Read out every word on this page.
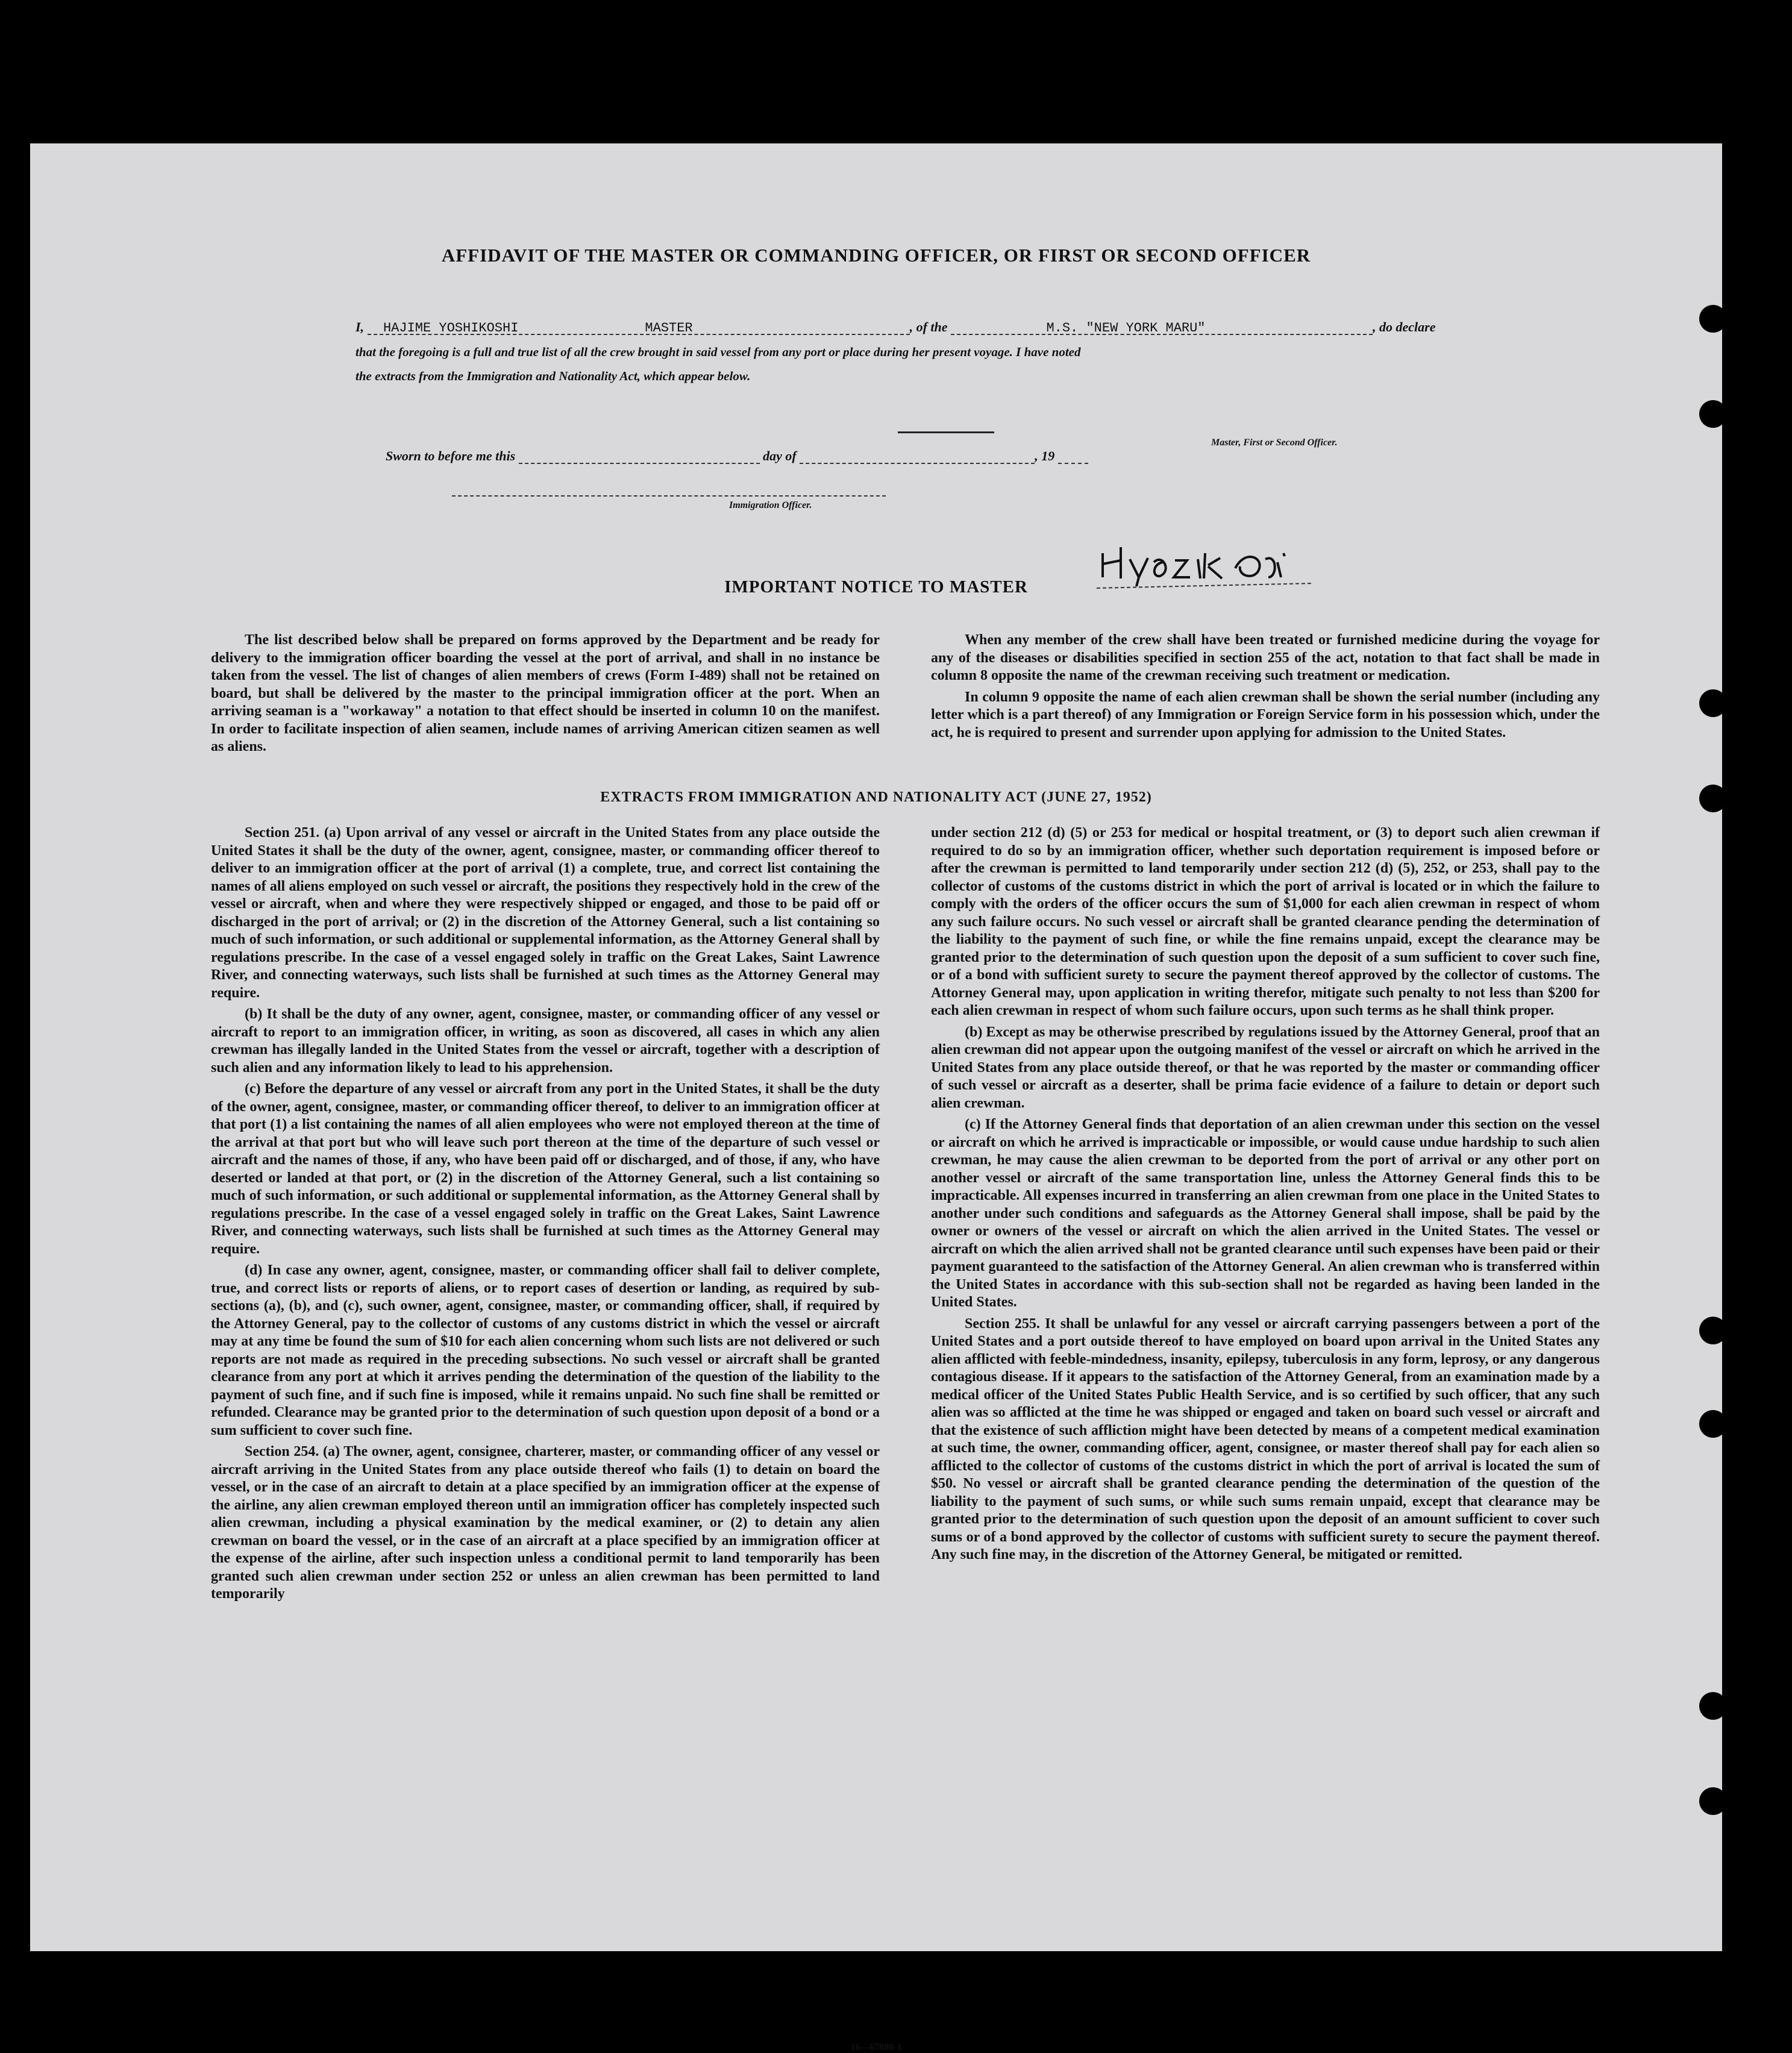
AFFIDAVIT OF THE MASTER OR COMMANDING OFFICER, OR FIRST OR SECOND OFFICER
I, HAJIME YOSHIKOSHI	MASTER	, of the	M.S. "NEW YORK MARU"	, do declare
that the foregoing is a full and true list of all the crew brought in said vessel from any port or place during her present voyage. I have noted
the extracts from the Immigration and Nationality Act, which appear below.
Master, First or Second Officer.
Sworn to before me this	day of	, 19
Immigration Officer.
IMPORTANT NOTICE TO MASTER

The list described below shall be prepared on forms approved by the Department and be ready for delivery to the immigration officer boarding the vessel at the port of arrival, and shall in no instance be taken from the vessel. The list of changes of alien members of crews (Form I-489) shall not be retained on board, but shall be delivered by the master to the principal immigration officer at the port. When an arriving seaman is a "workaway" a notation to that effect should be inserted in column 10 on the manifest. In order to facilitate inspection of alien seamen, include names of arriving American citizen seamen as well as aliens.

When any member of the crew shall have been treated or furnished medicine during the voyage for any of the diseases or disabilities specified in section 255 of the act, notation to that fact shall be made in column 8 opposite the name of the crewman receiving such treatment or medication.

In column 9 opposite the name of each alien crewman shall be shown the serial number (including any letter which is a part thereof) of any Immigration or Foreign Service form in his possession which, under the act, he is required to present and surrender upon applying for admission to the United States.

EXTRACTS FROM IMMIGRATION AND NATIONALITY ACT (JUNE 27, 1952)

Section 251. (a) Upon arrival of any vessel or aircraft in the United States from any place outside the United States it shall be the duty of the owner, agent, consignee, master, or commanding officer thereof to deliver to an immigration officer at the port of arrival (1) a complete, true, and correct list containing the names of all aliens employed on such vessel or aircraft, the positions they respectively hold in the crew of the vessel or aircraft, when and where they were respectively shipped or engaged, and those to be paid off or discharged in the port of arrival; or (2) in the discretion of the Attorney General, such a list containing so much of such information, or such additional or supplemental information, as the Attorney General shall by regulations prescribe. In the case of a vessel engaged solely in traffic on the Great Lakes, Saint Lawrence River, and connecting waterways, such lists shall be furnished at such times as the Attorney General may require.

(b) It shall be the duty of any owner, agent, consignee, master, or commanding officer of any vessel or aircraft to report to an immigration officer, in writing, as soon as discovered, all cases in which any alien crewman has illegally landed in the United States from the vessel or aircraft, together with a description of such alien and any information likely to lead to his apprehension.

(c) Before the departure of any vessel or aircraft from any port in the United States, it shall be the duty of the owner, agent, consignee, master, or commanding officer thereof, to deliver to an immigration officer at that port (1) a list containing the names of all alien employees who were not employed thereon at the time of the arrival at that port but who will leave such port thereon at the time of the departure of such vessel or aircraft and the names of those, if any, who have been paid off or discharged, and of those, if any, who have deserted or landed at that port, or (2) in the discretion of the Attorney General, such a list containing so much of such information, or such additional or supplemental information, as the Attorney General shall by regulations prescribe. In the case of a vessel engaged solely in traffic on the Great Lakes, Saint Lawrence River, and connecting waterways, such lists shall be furnished at such times as the Attorney General may require.

(d) In case any owner, agent, consignee, master, or commanding officer shall fail to deliver complete, true, and correct lists or reports of aliens, or to report cases of desertion or landing, as required by sub-sections (a), (b), and (c), such owner, agent, consignee, master, or commanding officer, shall, if required by the Attorney General, pay to the collector of customs of any customs district in which the vessel or aircraft may at any time be found the sum of $10 for each alien concerning whom such lists are not delivered or such reports are not made as required in the preceding subsections. No such vessel or aircraft shall be granted clearance from any port at which it arrives pending the determination of the question of the liability to the payment of such fine, and if such fine is imposed, while it remains unpaid. No such fine shall be remitted or refunded. Clearance may be granted prior to the determination of such question upon deposit of a bond or a sum sufficient to cover such fine.

Section 254. (a) The owner, agent, consignee, charterer, master, or commanding officer of any vessel or aircraft arriving in the United States from any place outside thereof who fails (1) to detain on board the vessel, or in the case of an aircraft to detain at a place specified by an immigration officer at the expense of the airline, any alien crewman employed thereon until an immigration officer has completely inspected such alien crewman, including a physical examination by the medical examiner, or (2) to detain any alien crewman on board the vessel, or in the case of an aircraft at a place specified by an immigration officer at the expense of the airline, after such inspection unless a conditional permit to land temporarily has been granted such alien crewman under section 252 or unless an alien crewman has been permitted to land temporarily

under section 212 (d) (5) or 253 for medical or hospital treatment, or (3) to deport such alien crewman if required to do so by an immigration officer, whether such deportation requirement is imposed before or after the crewman is permitted to land temporarily under section 212 (d) (5), 252, or 253, shall pay to the collector of customs of the customs district in which the port of arrival is located or in which the failure to comply with the orders of the officer occurs the sum of $1,000 for each alien crewman in respect of whom any such failure occurs. No such vessel or aircraft shall be granted clearance pending the determination of the liability to the payment of such fine, or while the fine remains unpaid, except the clearance may be granted prior to the determination of such question upon the deposit of a sum sufficient to cover such fine, or of a bond with sufficient surety to secure the payment thereof approved by the collector of customs. The Attorney General may, upon application in writing therefor, mitigate such penalty to not less than $200 for each alien crewman in respect of whom such failure occurs, upon such terms as he shall think proper.

(b) Except as may be otherwise prescribed by regulations issued by the Attorney General, proof that an alien crewman did not appear upon the outgoing manifest of the vessel or aircraft on which he arrived in the United States from any place outside thereof, or that he was reported by the master or commanding officer of such vessel or aircraft as a deserter, shall be prima facie evidence of a failure to detain or deport such alien crewman.

(c) If the Attorney General finds that deportation of an alien crewman under this section on the vessel or aircraft on which he arrived is impracticable or impossible, or would cause undue hardship to such alien crewman, he may cause the alien crewman to be deported from the port of arrival or any other port on another vessel or aircraft of the same transportation line, unless the Attorney General finds this to be impracticable. All expenses incurred in transferring an alien crewman from one place in the United States to another under such conditions and safeguards as the Attorney General shall impose, shall be paid by the owner or owners of the vessel or aircraft on which the alien arrived in the United States. The vessel or aircraft on which the alien arrived shall not be granted clearance until such expenses have been paid or their payment guaranteed to the satisfaction of the Attorney General. An alien crewman who is transferred within the United States in accordance with this sub-section shall not be regarded as having been landed in the United States.

Section 255. It shall be unlawful for any vessel or aircraft carrying passengers between a port of the United States and a port outside thereof to have employed on board upon arrival in the United States any alien afflicted with feeble-mindedness, insanity, epilepsy, tuberculosis in any form, leprosy, or any dangerous contagious disease. If it appears to the satisfaction of the Attorney General, from an examination made by a medical officer of the United States Public Health Service, and is so certified by such officer, that any such alien was so afflicted at the time he was shipped or engaged and taken on board such vessel or aircraft and that the existence of such affliction might have been detected by means of a competent medical examination at such time, the owner, commanding officer, agent, consignee, or master thereof shall pay for each alien so afflicted to the collector of customs of the customs district in which the port of arrival is located the sum of $50. No vessel or aircraft shall be granted clearance pending the determination of the question of the liability to the payment of such sums, or while such sums remain unpaid, except that clearance may be granted prior to the determination of such question upon the deposit of an amount sufficient to cover such sums or of a bond approved by the collector of customs with sufficient surety to secure the payment thereof. Any such fine may, in the discretion of the Attorney General, be mitigated or remitted.

16—67880-1
